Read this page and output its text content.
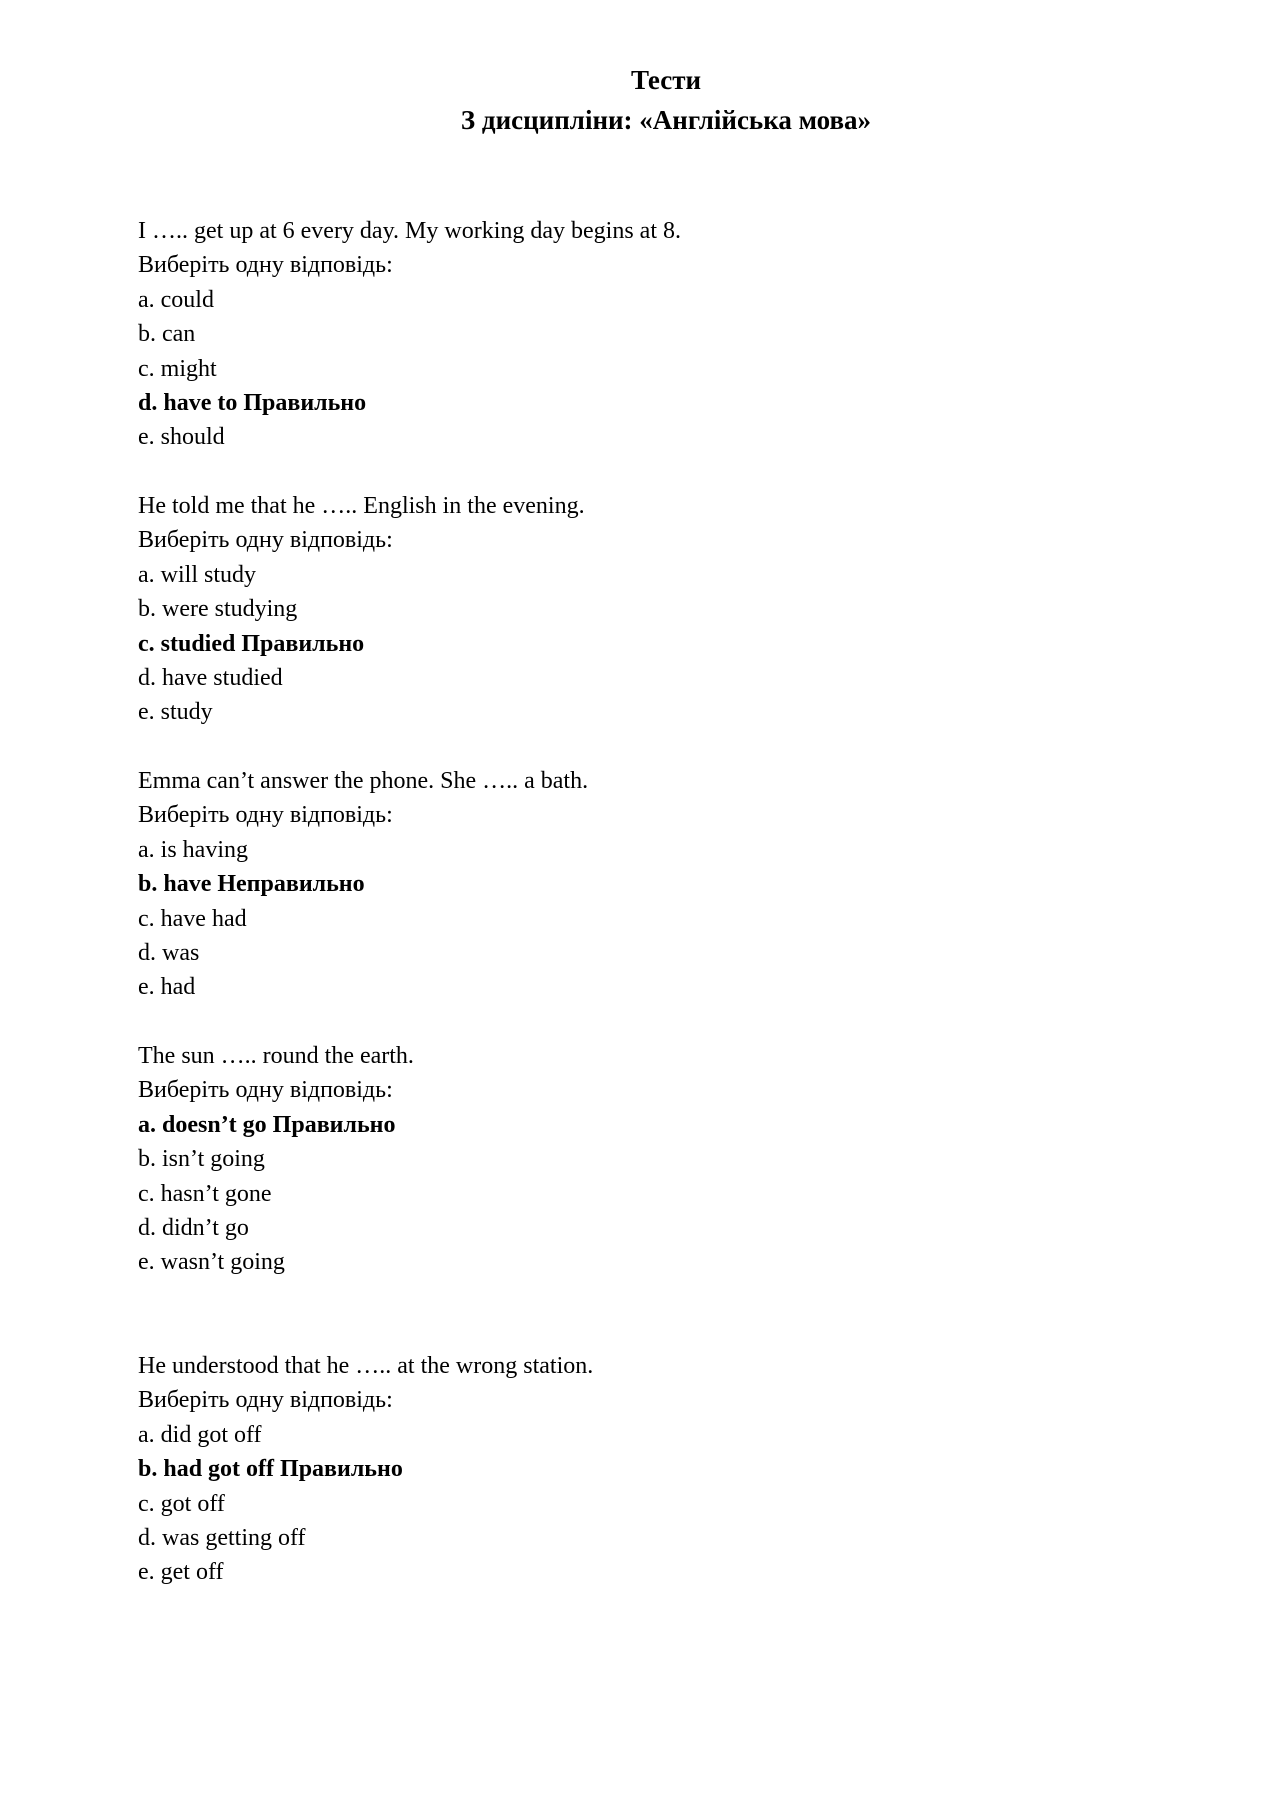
Тести
З дисципліни: «Англійська мова»
I ….. get up at 6 every day. My working day begins at 8.
Виберіть одну відповідь:
a. could
b. can
c. might
d. have to Правильно
e. should
He told me that he ….. English in the evening.
Виберіть одну відповідь:
a. will study
b. were studying
c. studied Правильно
d. have studied
e. study
Emma can’t answer the phone. She ….. a bath.
Виберіть одну відповідь:
a. is having
b. have Неправильно
c. have had
d. was
e. had
The sun ….. round the earth.
Виберіть одну відповідь:
a. doesn’t go Правильно
b. isn’t going
c. hasn’t gone
d. didn’t go
e. wasn’t going
He understood that he ….. at the wrong station.
Виберіть одну відповідь:
a. did got off
b. had got off Правильно
c. got off
d. was getting off
e. get off
